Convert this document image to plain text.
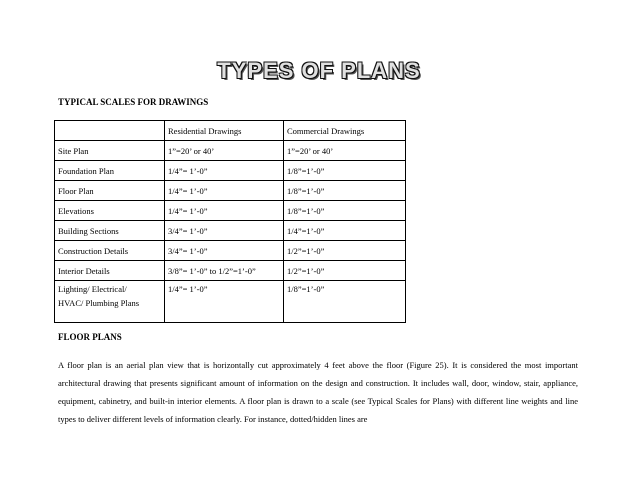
TYPES OF PLANS
TYPICAL SCALES FOR DRAWINGS
	Residential Drawings	Commercial Drawings
Site Plan	1”=20’ or 40’	1”=20’ or 40’
Foundation Plan	1/4”= 1’-0”	1/8”=1’-0”
Floor Plan	1/4”= 1’-0”	1/8”=1’-0”
Elevations	1/4”= 1’-0”	1/8”=1’-0”
Building Sections	3/4”= 1’-0”	1/4”=1’-0”
Construction Details	3/4”= 1’-0”	1/2”=1’-0”
Interior Details	3/8”= 1’-0” to 1/2”=1’-0”	1/2”=1’-0”

Lighting/ Electrical/
HVAC/ Plumbing Plans	1/4”= 1’-0”	1/8”=1’-0”
FLOOR PLANS
A floor plan is an aerial plan view that is horizontally cut approximately 4 feet above the floor (Figure 25). It is considered the most important architectural drawing that presents significant amount of information on the design and construction. It includes wall, door, window, stair, appliance, equipment, cabinetry, and built-in interior elements. A floor plan is drawn to a scale (see Typical Scales for Plans) with different line weights and line types to deliver different levels of information clearly. For instance, dotted/hidden lines are
